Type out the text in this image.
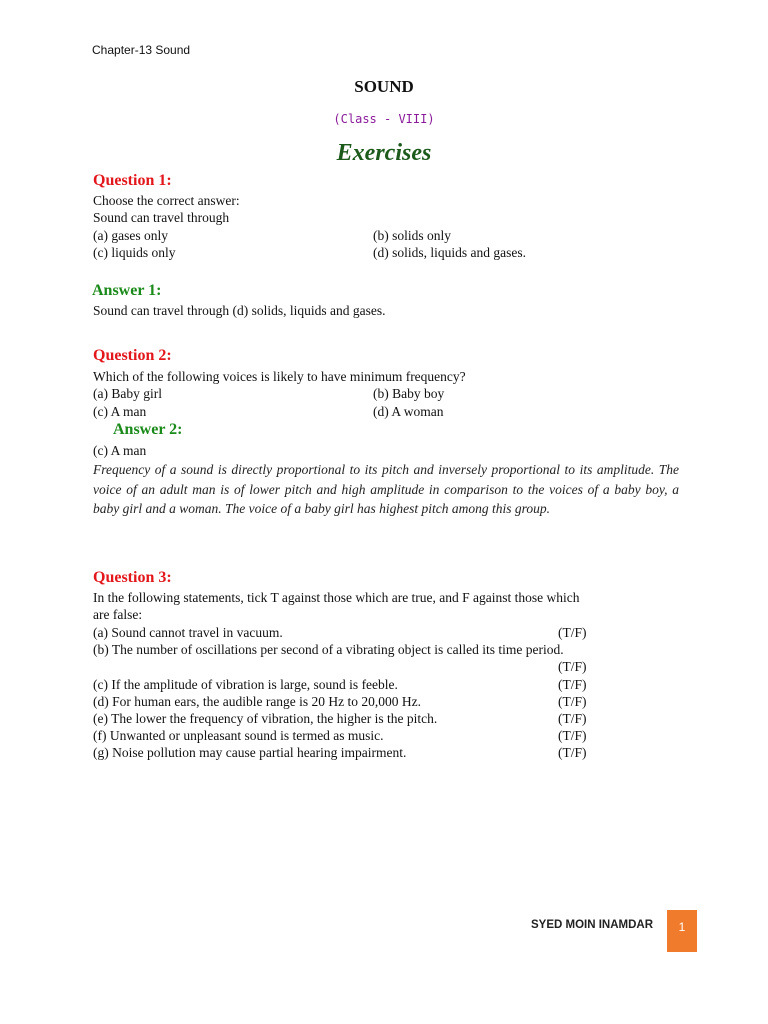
Chapter-13 Sound
SOUND
(Class - VIII)
Exercises
Question 1:
Choose the correct answer:
Sound can travel through
(a) gases only	(b) solids only
(c) liquids only	(d) solids, liquids and gases.
Answer 1:
Sound can travel through (d) solids, liquids and gases.
Question 2:
Which of the following voices is likely to have minimum frequency?
(a) Baby girl	(b) Baby boy
(c) A man	(d) A woman
Answer 2:
(c) A man
Frequency of a sound is directly proportional to its pitch and inversely proportional to its amplitude. The voice of an adult man is of lower pitch and high amplitude in comparison to the voices of a baby boy, a baby girl and a woman. The voice of a baby girl has highest pitch among this group.
Question 3:
In the following statements, tick T against those which are true, and F against those which
are false:
(a) Sound cannot travel in vacuum.	(T/F)
(b) The number of oscillations per second of a vibrating object is called its time period.
(T/F)
(c) If the amplitude of vibration is large, sound is feeble.	(T/F)
(d) For human ears, the audible range is 20 Hz to 20,000 Hz.	(T/F)
(e) The lower the frequency of vibration, the higher is the pitch.	(T/F)
(f) Unwanted or unpleasant sound is termed as music.	(T/F)
(g) Noise pollution may cause partial hearing impairment.	(T/F)
SYED MOIN INAMDAR	1
